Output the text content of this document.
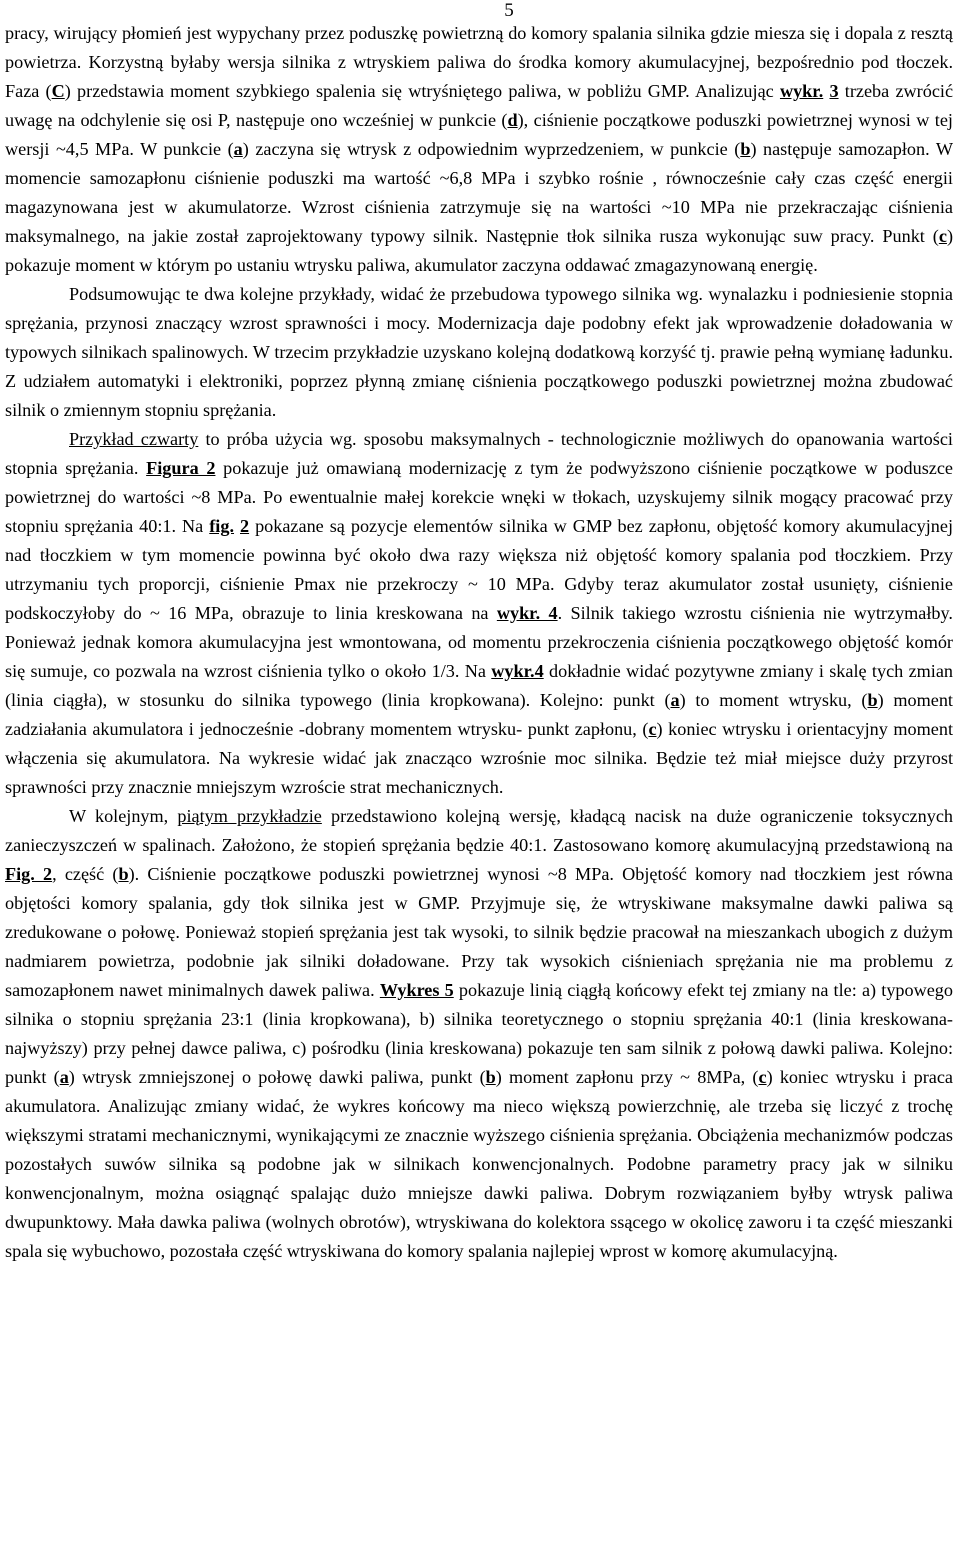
5

pracy, wirujący płomień jest wypychany przez poduszkę powietrzną do komory spalania silnika gdzie miesza się i dopala z resztą powietrza. Korzystną byłaby wersja silnika z wtryskiem paliwa do środka komory akumulacyjnej, bezpośrednio pod tłoczek. Faza (C) przedstawia moment szybkiego spalenia się wtryśniętego paliwa, w pobliżu GMP. Analizując wykr. 3 trzeba zwrócić uwagę na odchylenie się osi P, następuje ono wcześniej w punkcie (d), ciśnienie początkowe poduszki powietrznej wynosi w tej wersji ~4,5 MPa. W punkcie (a) zaczyna się wtrysk z odpowiednim wyprzedzeniem, w punkcie (b) następuje samozapłon. W momencie samozapłonu ciśnienie poduszki ma wartość ~6,8 MPa i szybko rośnie , równocześnie cały czas część energii magazynowana jest w akumulatorze. Wzrost ciśnienia zatrzymuje się na wartości ~10 MPa nie przekraczając ciśnienia maksymalnego, na jakie został zaprojektowany typowy silnik. Następnie tłok silnika rusza wykonując suw pracy. Punkt (c) pokazuje moment w którym po ustaniu wtrysku paliwa, akumulator zaczyna oddawać zmagazynowaną energię.

Podsumowując te dwa kolejne przykłady, widać że przebudowa typowego silnika wg. wynalazku i podniesienie stopnia sprężania, przynosi znaczący wzrost sprawności i mocy. Modernizacja daje podobny efekt jak wprowadzenie doładowania w typowych silnikach spalinowych. W trzecim przykładzie uzyskano kolejną dodatkową korzyść tj. prawie pełną wymianę ładunku. Z udziałem automatyki i elektroniki, poprzez płynną zmianę ciśnienia początkowego poduszki powietrznej można zbudować silnik o zmiennym stopniu sprężania.

Przykład czwarty to próba użycia wg. sposobu maksymalnych - technologicznie możliwych do opanowania wartości stopnia sprężania. Figura 2 pokazuje już omawianą modernizację z tym że podwyższono ciśnienie początkowe w poduszce powietrznej do wartości ~8 MPa. Po ewentualnie małej korekcie wnęki w tłokach, uzyskujemy silnik mogący pracować przy stopniu sprężania 40:1. Na fig. 2 pokazane są pozycje elementów silnika w GMP bez zapłonu, objętość komory akumulacyjnej nad tłoczkiem w tym momencie powinna być około dwa razy większa niż objętość komory spalania pod tłoczkiem. Przy utrzymaniu tych proporcji, ciśnienie Pmax nie przekroczy ~ 10 MPa. Gdyby teraz akumulator został usunięty, ciśnienie podskoczyłoby do ~ 16 MPa, obrazuje to linia kreskowana na wykr. 4. Silnik takiego wzrostu ciśnienia nie wytrzymałby. Ponieważ jednak komora akumulacyjna jest wmontowana, od momentu przekroczenia ciśnienia początkowego objętość komór się sumuje, co pozwala na wzrost ciśnienia tylko o około 1/3. Na wykr.4 dokładnie widać pozytywne zmiany i skalę tych zmian (linia ciągła), w stosunku do silnika typowego (linia kropkowana). Kolejno: punkt (a) to moment wtrysku, (b) moment zadziałania akumulatora i jednocześnie -dobrany momentem wtrysku- punkt zapłonu, (c) koniec wtrysku i orientacyjny moment włączenia się akumulatora. Na wykresie widać jak znacząco wzrośnie moc silnika. Będzie też miał miejsce duży przyrost sprawności przy znacznie mniejszym wzroście strat mechanicznych.

W kolejnym, piątym przykładzie przedstawiono kolejną wersję, kładącą nacisk na duże ograniczenie toksycznych zanieczyszczeń w spalinach. Założono, że stopień sprężania będzie 40:1. Zastosowano komorę akumulacyjną przedstawioną na Fig. 2, część (b). Ciśnienie początkowe poduszki powietrznej wynosi ~8 MPa. Objętość komory nad tłoczkiem jest równa objętości komory spalania, gdy tłok silnika jest w GMP. Przyjmuje się, że wtryskiwane maksymalne dawki paliwa są zredukowane o połowę. Ponieważ stopień sprężania jest tak wysoki, to silnik będzie pracował na mieszankach ubogich z dużym nadmiarem powietrza, podobnie jak silniki doładowane. Przy tak wysokich ciśnieniach sprężania nie ma problemu z samozapłonem nawet minimalnych dawek paliwa. Wykres 5 pokazuje linią ciągłą końcowy efekt tej zmiany na tle: a) typowego silnika o stopniu sprężania 23:1 (linia kropkowana), b) silnika teoretycznego o stopniu sprężania 40:1 (linia kreskowana-najwyższy) przy pełnej dawce paliwa, c) pośrodku (linia kreskowana) pokazuje ten sam silnik z połową dawki paliwa. Kolejno: punkt (a) wtrysk zmniejszonej o połowę dawki paliwa, punkt (b) moment zapłonu przy ~ 8MPa, (c) koniec wtrysku i praca akumulatora. Analizując zmiany widać, że wykres końcowy ma nieco większą powierzchnię, ale trzeba się liczyć z trochę większymi stratami mechanicznymi, wynikającymi ze znacznie wyższego ciśnienia sprężania. Obciążenia mechanizmów podczas pozostałych suwów silnika są podobne jak w silnikach konwencjonalnych. Podobne parametry pracy jak w silniku konwencjonalnym, można osiągnąć spalając dużo mniejsze dawki paliwa. Dobrym rozwiązaniem byłby wtrysk paliwa dwupunktowy. Mała dawka paliwa (wolnych obrotów), wtryskiwana do kolektora ssącego w okolicę zaworu i ta część mieszanki spala się wybuchowo, pozostała część wtryskiwana do komory spalania najlepiej wprost w komorę akumulacyjną.
